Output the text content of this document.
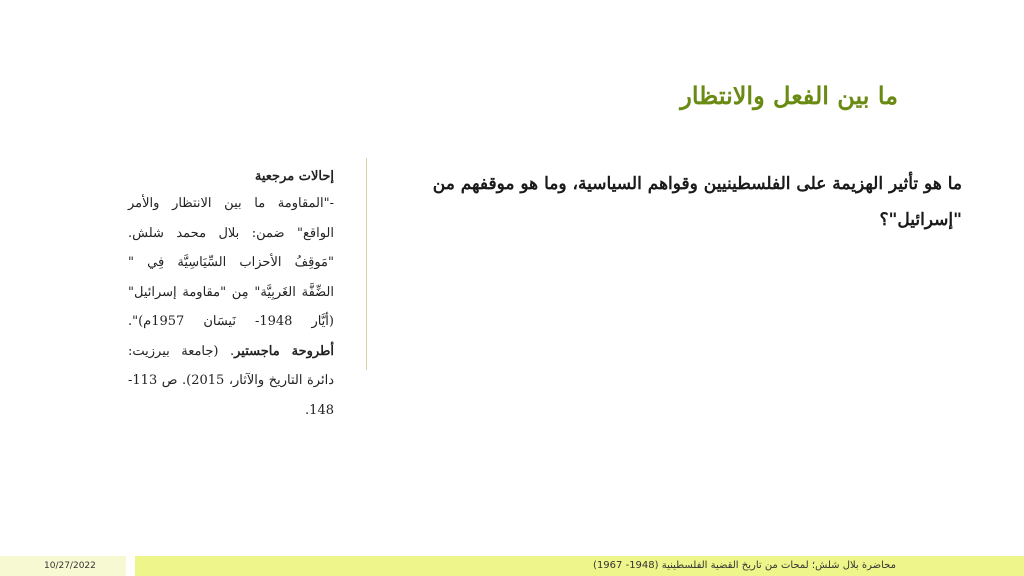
ما بين الفعل والانتظار
ما هو تأثير الهزيمة على الفلسطينيين وقواهم السياسية، وما هو موقفهم من "إسرائيل"؟
إحالات مرجعية
-"المقاومة ما بين الانتظار والأمر الواقع" ضمن: بلال محمد شلش. "مَوقِفُ الأحزاب السِّيَاسِيَّة فِي " الضِّفَّة الغَربِيَّة" مِن "مقاومة إسرائيل" (أيَّار 1948- نَيسَان 1957م)". أطروحة ماجستير. (جامعة بيرزيت: دائرة التاريخ والآثار، 2015). ص 113-148.
10/27/2022	محاضرة بلال شلش؛ لمحات من تاريخ القضية الفلسطينية (1948- 1967)
